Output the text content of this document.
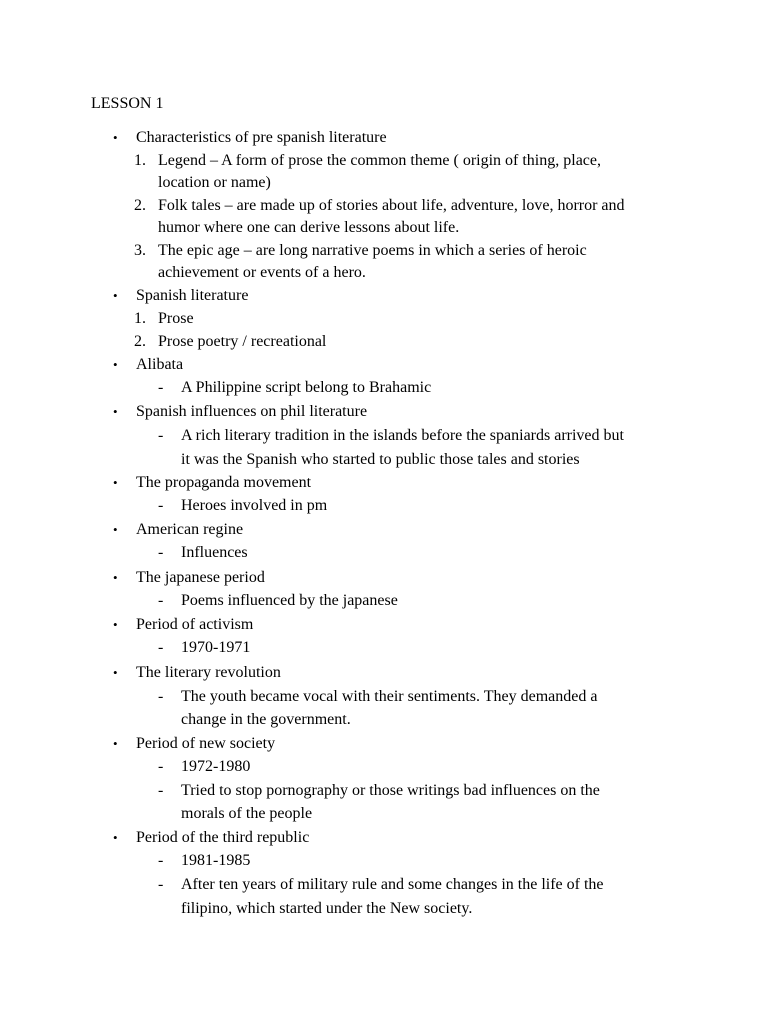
LESSON 1
• Characteristics of pre spanish literature
1. Legend – A form of prose the common theme ( origin of thing, place,
location or name)
2. Folk tales – are made up of stories about life, adventure, love, horror and
humor where one can derive lessons about life.
3. The epic age – are long narrative poems in which a series of heroic
achievement or events of a hero.
• Spanish literature
1. Prose
2. Prose poetry / recreational
• Alibata
- A Philippine script belong to Brahamic
• Spanish influences on phil literature
- A rich literary tradition in the islands before the spaniards arrived but
it was the Spanish who started to public those tales and stories
• The propaganda movement
- Heroes involved in pm
• American regine
- Influences
• The japanese period
- Poems influenced by the japanese
• Period of activism
- 1970-1971
• The literary revolution
- The youth became vocal with their sentiments. They demanded a
change in the government.
• Period of new society
- 1972-1980
- Tried to stop pornography or those writings bad influences on the
morals of the people
• Period of the third republic
- 1981-1985
- After ten years of military rule and some changes in the life of the
filipino, which started under the New society.
